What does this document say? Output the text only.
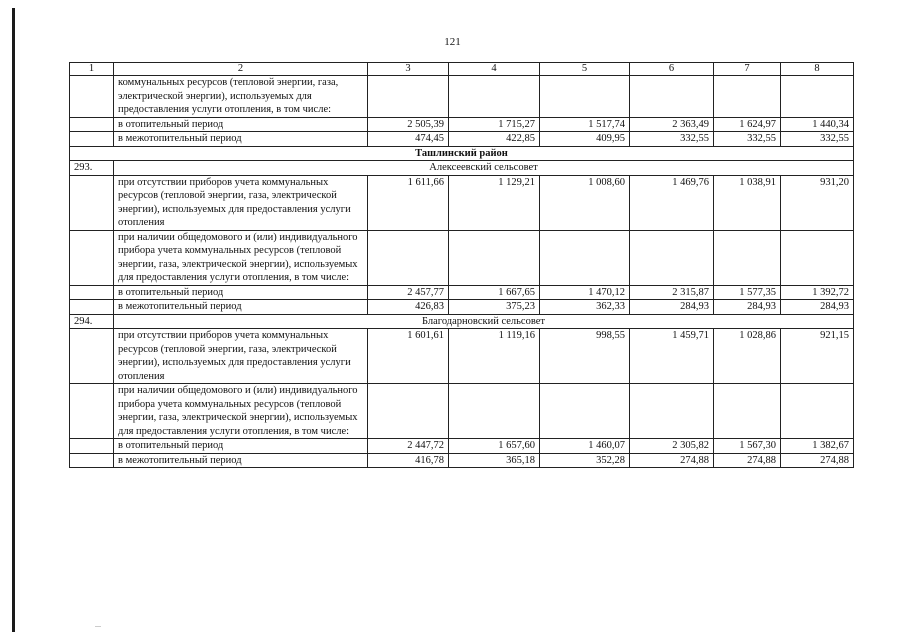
121
1	2	3	4	5	6	7	8
	коммунальных ресурсов (тепловой энергии, газа, электрической энергии), используемых для предоставления услуги отопления, в том числе:						
	в отопительный период	2 505,39	1 715,27	1 517,74	2 363,49	1 624,97	1 440,34
	в межотопительный период	474,45	422,85	409,95	332,55	332,55	332,55
Ташлинский район							
293.	Алексеевский сельсовет						
	при отсутствии приборов учета коммунальных ресурсов (тепловой энергии, газа, электрической энергии), используемых для предоставления услуги отопления	1 611,66	1 129,21	1 008,60	1 469,76	1 038,91	931,20
	при наличии общедомового и (или) индивидуального прибора учета коммунальных ресурсов (тепловой энергии, газа, электрической энергии), используемых для предоставления услуги отопления, в том числе:						
	в отопительный период	2 457,77	1 667,65	1 470,12	2 315,87	1 577,35	1 392,72
	в межотопительный период	426,83	375,23	362,33	284,93	284,93	284,93
294.	Благодарновский сельсовет						
	при отсутствии приборов учета коммунальных ресурсов (тепловой энергии, газа, электрической энергии), используемых для предоставления услуги отопления	1 601,61	1 119,16	998,55	1 459,71	1 028,86	921,15
	при наличии общедомового и (или) индивидуального прибора учета коммунальных ресурсов (тепловой энергии, газа, электрической энергии), используемых для предоставления услуги отопления, в том числе:						
	в отопительный период	2 447,72	1 657,60	1 460,07	2 305,82	1 567,30	1 382,67
	в межотопительный период	416,78	365,18	352,28	274,88	274,88	274,88
